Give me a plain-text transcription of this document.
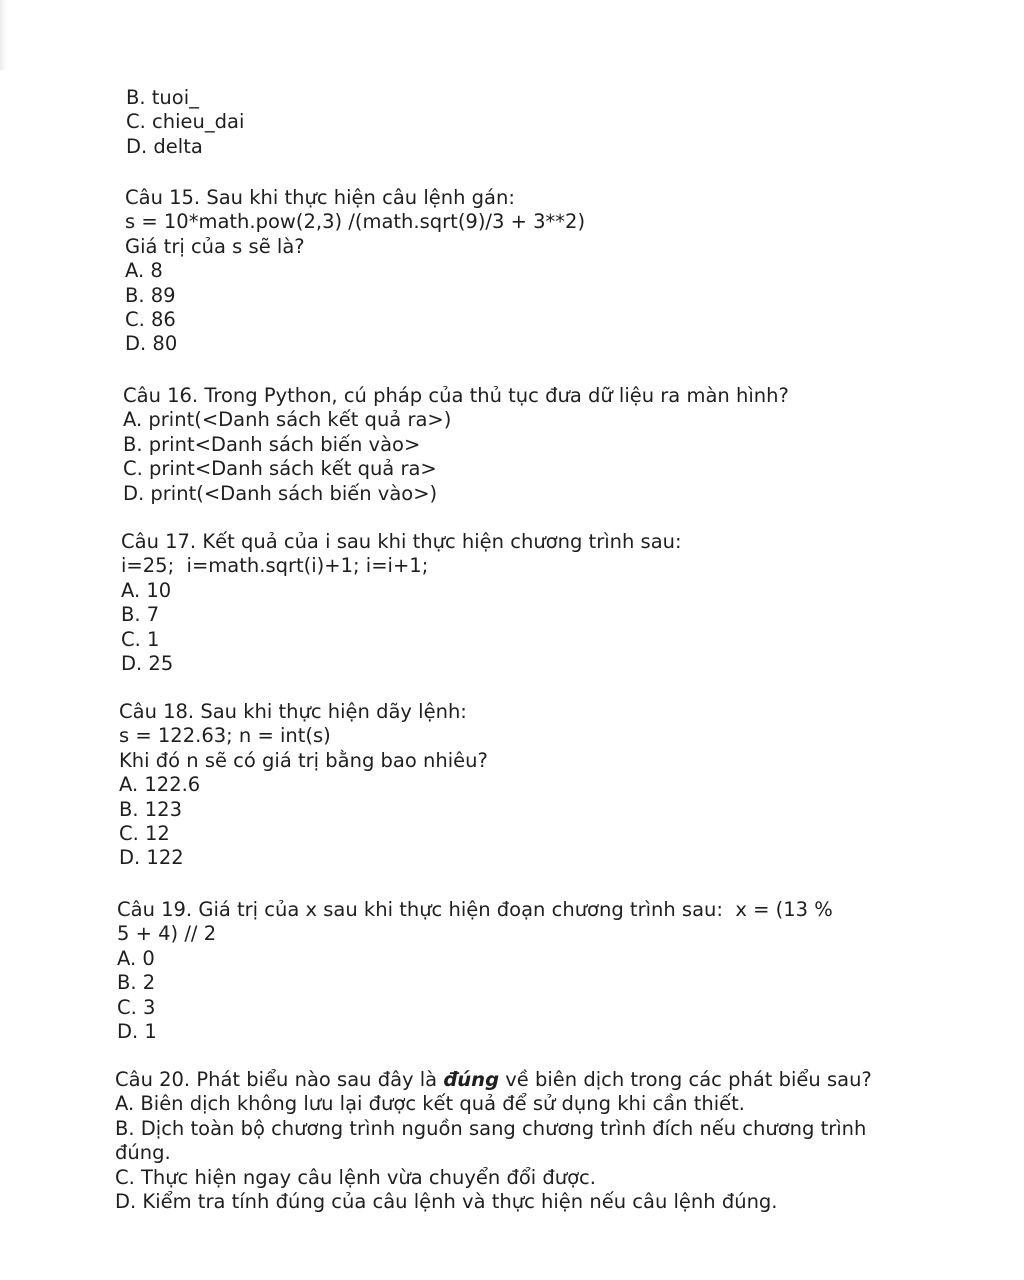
B. tuoi_
C. chieu_dai
D. delta
Câu 15. Sau khi thực hiện câu lệnh gán:
s = 10*math.pow(2,3) /(math.sqrt(9)/3 + 3**2)
Giá trị của s sẽ là?
A. 8
B. 89
C. 86
D. 80
Câu 16. Trong Python, cú pháp của thủ tục đưa dữ liệu ra màn hình?
A. print(<Danh sách kết quả ra>)
B. print<Danh sách biến vào>
C. print<Danh sách kết quả ra>
D. print(<Danh sách biến vào>)
Câu 17. Kết quả của i sau khi thực hiện chương trình sau:
i=25;  i=math.sqrt(i)+1; i=i+1;
A. 10
B. 7
C. 1
D. 25
Câu 18. Sau khi thực hiện dãy lệnh:
s = 122.63; n = int(s)
Khi đó n sẽ có giá trị bằng bao nhiêu?
A. 122.6
B. 123
C. 12
D. 122
Câu 19. Giá trị của x sau khi thực hiện đoạn chương trình sau:  x = (13 %
5 + 4) // 2
A. 0
B. 2
C. 3
D. 1
Câu 20. Phát biểu nào sau đây là đúng về biên dịch trong các phát biểu sau?
A. Biên dịch không lưu lại được kết quả để sử dụng khi cần thiết.
B. Dịch toàn bộ chương trình nguồn sang chương trình đích nếu chương trình đúng.
C. Thực hiện ngay câu lệnh vừa chuyển đổi được.
D. Kiểm tra tính đúng của câu lệnh và thực hiện nếu câu lệnh đúng.
